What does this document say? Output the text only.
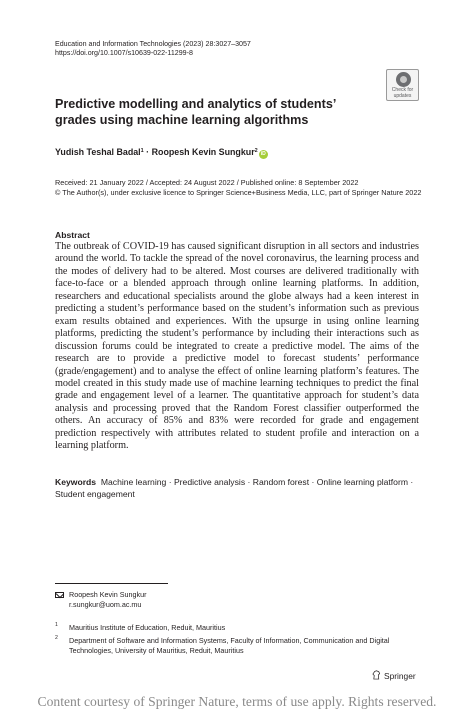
Education and Information Technologies (2023) 28:3027–3057
https://doi.org/10.1007/s10639-022-11299-8
Check for
updates
Predictive modelling and analytics of students’ grades using machine learning algorithms
Yudish Teshal Badal$^1$ · Roopesh Kevin Sungkur$^2$ iD
Received: 21 January 2022 / Accepted: 24 August 2022 / Published online: 8 September 2022
© The Author(s), under exclusive licence to Springer Science+Business Media, LLC, part of Springer Nature 2022
Abstract

The outbreak of COVID-19 has caused significant disruption in all sectors and industries around the world. To tackle the spread of the novel coronavirus, the learning process and the modes of delivery had to be altered. Most courses are delivered traditionally with face-to-face or a blended approach through online learning platforms. In addition, researchers and educational specialists around the globe always had a keen interest in predicting a student’s performance based on the student’s information such as previous exam results obtained and experiences. With the upsurge in using online learning platforms, predicting the student’s performance by including their interactions such as discussion forums could be integrated to create a predictive model. The aims of the research are to provide a predictive model to forecast students’ performance (grade/engagement) and to analyse the effect of online learning platform’s features. The model created in this study made use of machine learning techniques to predict the final grade and engagement level of a learner. The quantitative approach for student’s data analysis and processing proved that the Random Forest classifier outperformed the others. An accuracy of 85% and 83% were recorded for grade and engagement prediction respectively with attributes related to student profile and interaction on a learning platform.

Keywords Machine learning · Predictive analysis · Random forest · Online learning platform · Student engagement
Roopesh Kevin Sungkur
r.sungkur@uom.ac.mu
1 Mauritius Institute of Education, Reduit, Mauritius
2 Department of Software and Information Systems, Faculty of Information, Communication and Digital Technologies, University of Mauritius, Reduit, Mauritius
Springer
Content courtesy of Springer Nature, terms of use apply. Rights reserved.
